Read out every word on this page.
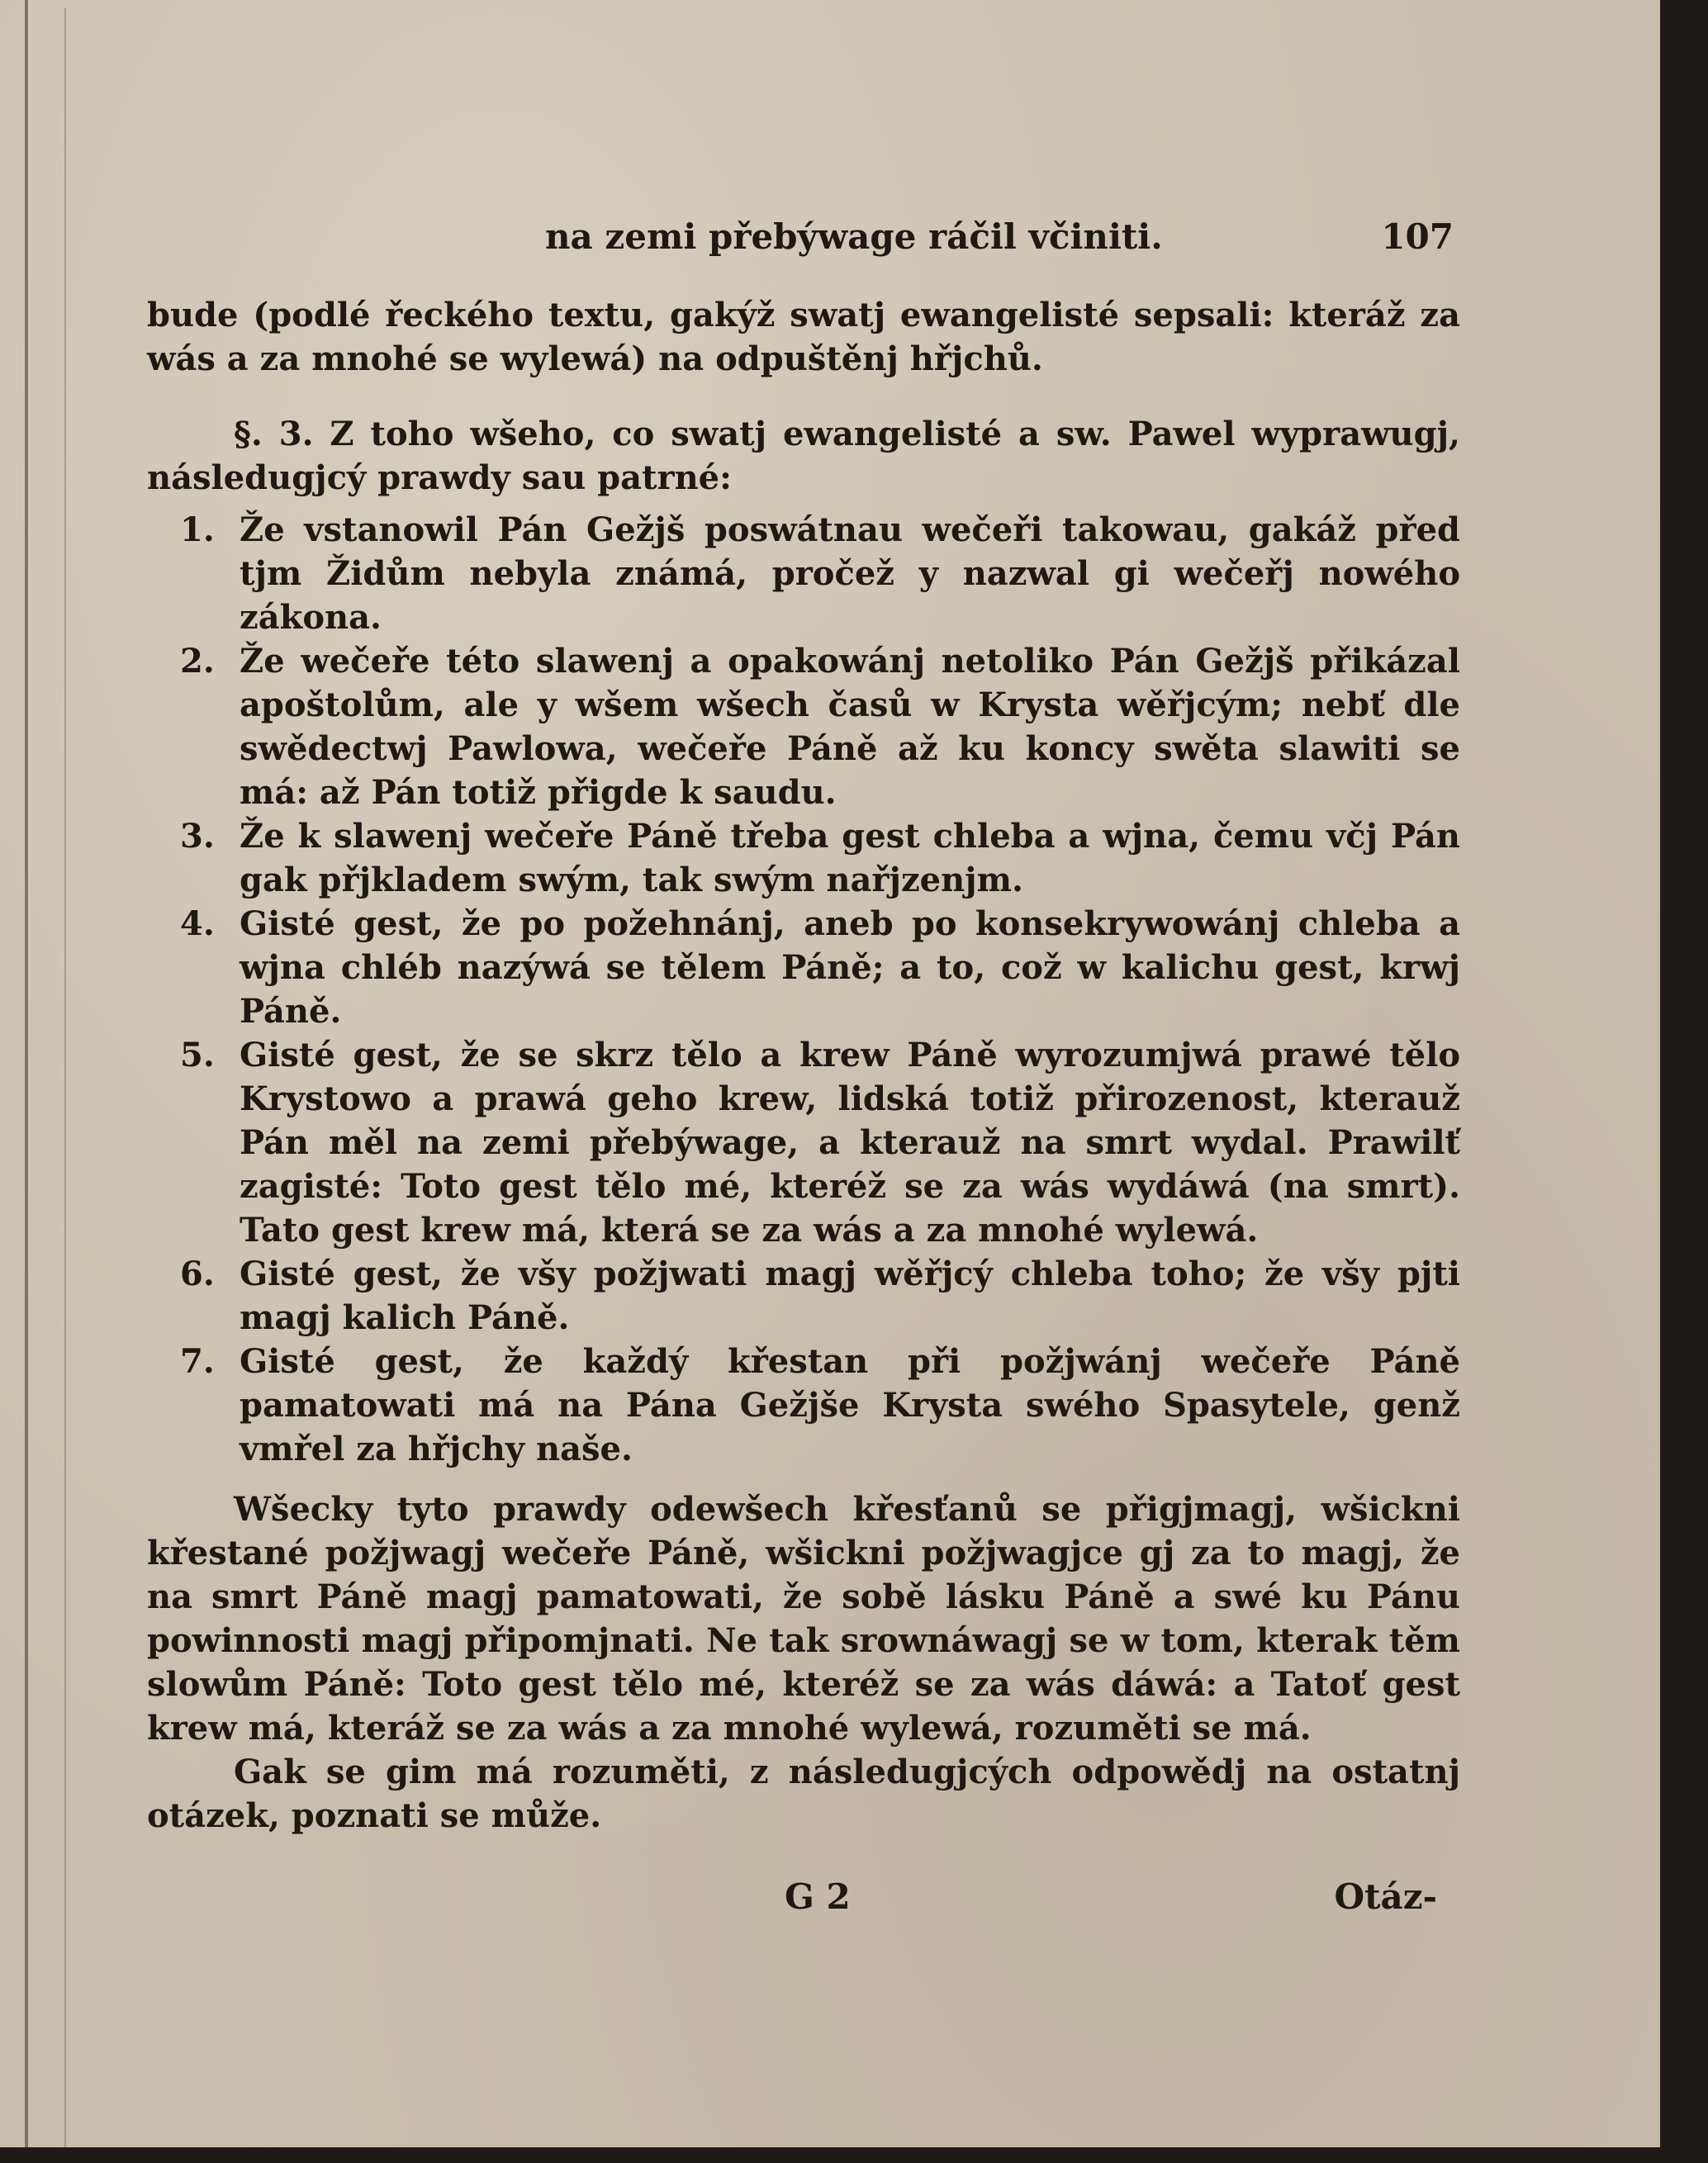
na zemi přebýwage ráčil včiniti.	107

bude (podlé řeckého textu, gakýž swatj ewangelisté sepsali: kteráž za wás a za mnohé se wylewá) na odpuštěnj hřjchů.

§. 3. Z toho wšeho, co swatj ewangelisté a sw. Pawel wyprawugj, následugjcý prawdy sau patrné:

1. Že vstanowil Pán Gežjš poswátnau wečeři takowau, gakáž před tjm Židům nebyla známá, pročež y nazwal gi wečeřj nowého zákona.
2. Že wečeře této slawenj a opakowánj netoliko Pán Gežjš přikázal apoštolům, ale y wšem wšech časů w Krysta wěřjcým; nebť dle swědectwj Pawlowa, wečeře Páně až ku koncy swěta slawiti se má: až Pán totiž přigde k saudu.
3. Že k slawenj wečeře Páně třeba gest chleba a wjna, čemu včj Pán gak přjkladem swým, tak swým nařjzenjm.
4. Gisté gest, že po požehnánj, aneb po konsekrywowánj chleba a wjna chléb nazýwá se tělem Páně; a to, což w kalichu gest, krwj Páně.
5. Gisté gest, že se skrz tělo a krew Páně wyrozumjwá prawé tělo Krystowo a prawá geho krew, lidská totiž přirozenost, kterauž Pán měl na zemi přebýwage, a kterauž na smrt wydal. Prawilť zagisté: Toto gest tělo mé, kteréž se za wás wydáwá (na smrt). Tato gest krew má, která se za wás a za mnohé wylewá.
6. Gisté gest, že všy požjwati magj wěřjcý chleba toho; že všy pjti magj kalich Páně.
7. Gisté gest, že každý křestan při požjwánj wečeře Páně pamatowati má na Pána Gežjše Krysta swého Spasytele, genž vmřel za hřjchy naše.

Wšecky tyto prawdy odewšech křesťanů se přigjmagj, wšickni křestané požjwagj wečeře Páně, wšickni požjwagjce gj za to magj, že na smrt Páně magj pamatowati, že sobě lásku Páně a swé ku Pánu powinnosti magj připomjnati. Ne tak srownáwagj se w tom, kterak těm slowům Páně: Toto gest tělo mé, kteréž se za wás dáwá: a Tatoť gest krew má, kteráž se za wás a za mnohé wylewá, rozuměti se má.

Gak se gim má rozuměti, z následugjcých odpowědj na ostatnj otázek, poznati se může.

G 2	Otáz-
